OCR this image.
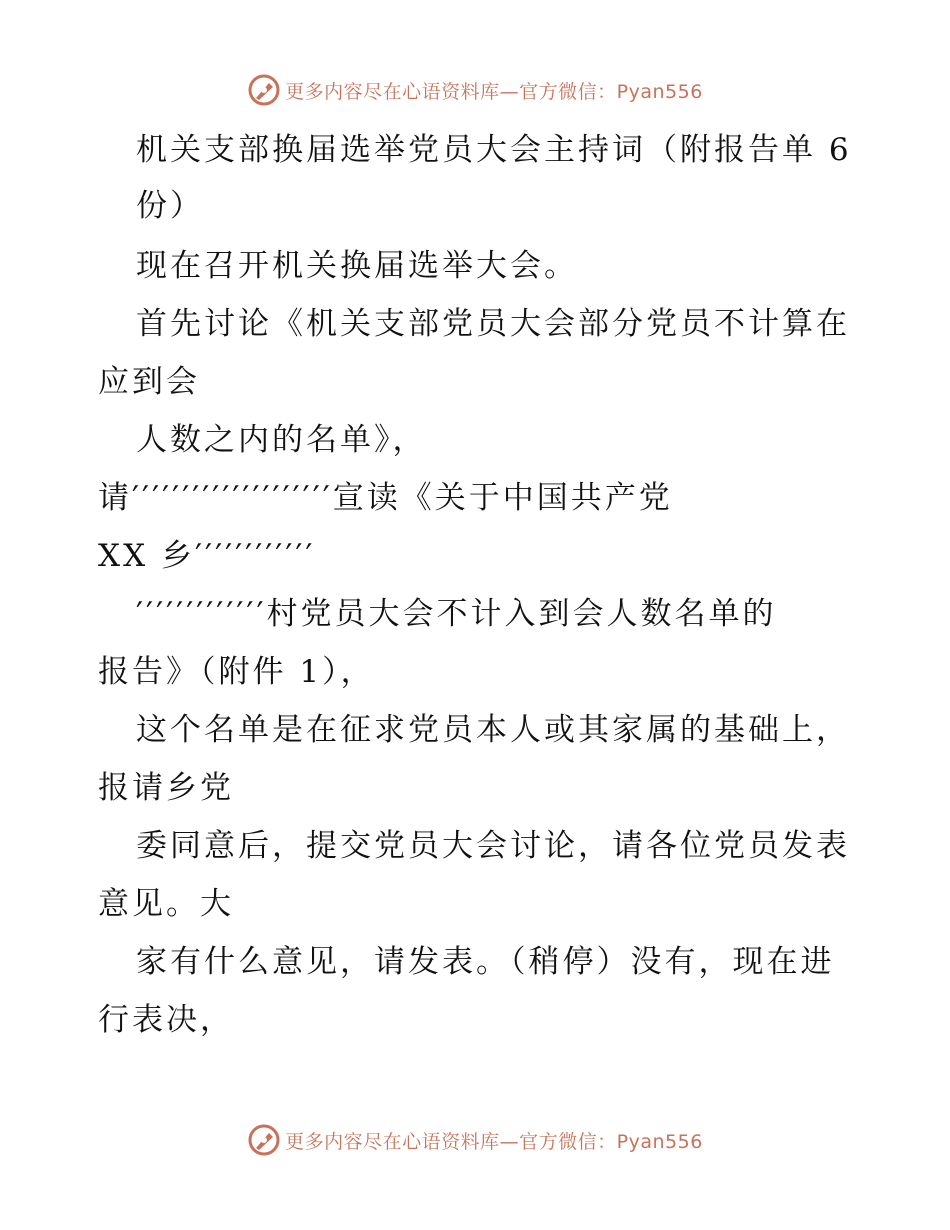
更多内容尽在心语资料库—官方微信：Pyan556
机关支部换届选举党员大会主持词（附报告单 6
份）
现在召开机关换届选举大会。
首先讨论《机关支部党员大会部分党员不计算在
应到会
人数之内的名单》，
请′′′′′′′′′′′′′′′′′′′′宣读《关于中国共产党
XX 乡′′′′′′′′′′′′
′′′′′′′′′′′′′村党员大会不计入到会人数名单的
报告》（附件 1），
这个名单是在征求党员本人或其家属的基础上，
报请乡党
委同意后，提交党员大会讨论，请各位党员发表
意见。大
家有什么意见，请发表。（稍停）没有，现在进
行表决，
更多内容尽在心语资料库—官方微信：Pyan556
